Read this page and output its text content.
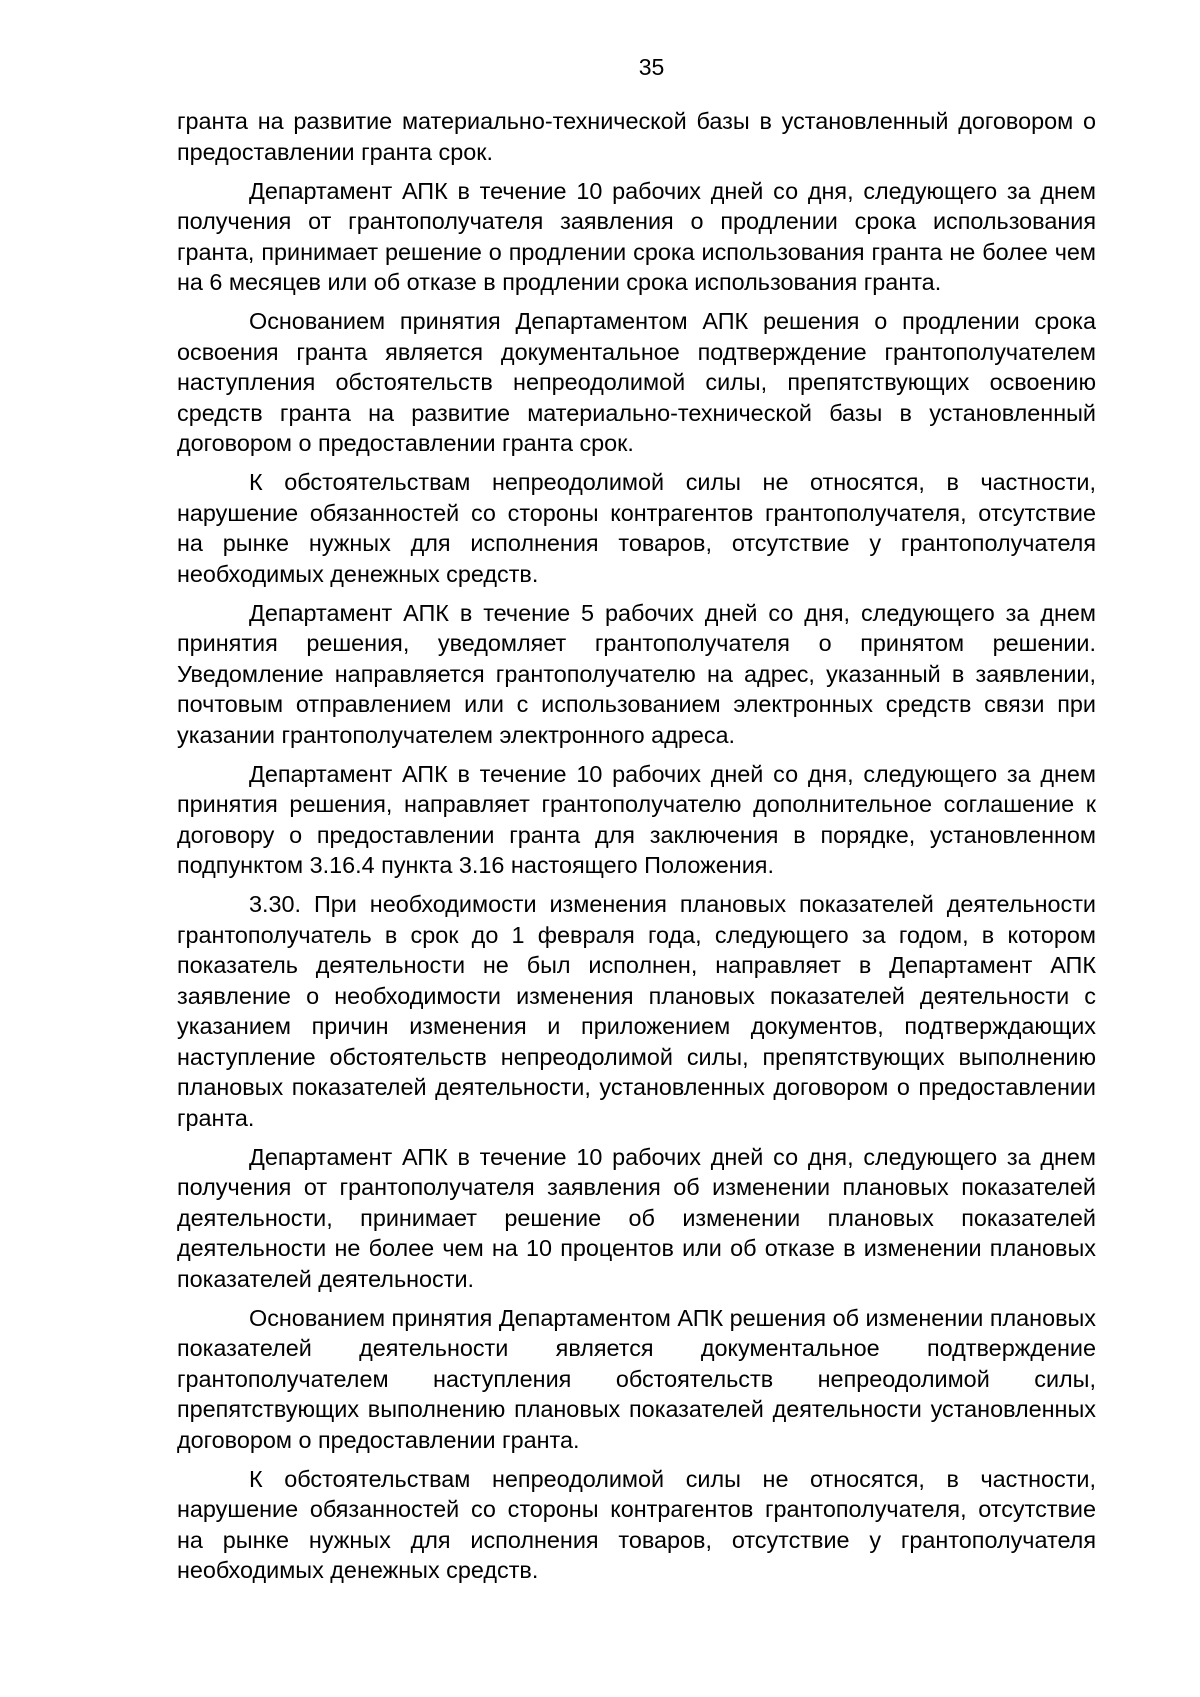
35

гранта на развитие материально-технической базы в установленный договором о предоставлении гранта срок.

Департамент АПК в течение 10 рабочих дней со дня, следующего за днем получения от грантополучателя заявления о продлении срока использования гранта, принимает решение о продлении срока использования гранта не более чем на 6 месяцев или об отказе в продлении срока использования гранта.

Основанием принятия Департаментом АПК решения о продлении срока освоения гранта является документальное подтверждение грантополучателем наступления обстоятельств непреодолимой силы, препятствующих освоению средств гранта на развитие материально-технической базы в установленный договором о предоставлении гранта срок.

К обстоятельствам непреодолимой силы не относятся, в частности, нарушение обязанностей со стороны контрагентов грантополучателя, отсутствие на рынке нужных для исполнения товаров, отсутствие у грантополучателя необходимых денежных средств.

Департамент АПК в течение 5 рабочих дней со дня, следующего за днем принятия решения, уведомляет грантополучателя о принятом решении. Уведомление направляется грантополучателю на адрес, указанный в заявлении, почтовым отправлением или с использованием электронных средств связи при указании грантополучателем электронного адреса.

Департамент АПК в течение 10 рабочих дней со дня, следующего за днем принятия решения, направляет грантополучателю дополнительное соглашение к договору о предоставлении гранта для заключения в порядке, установленном подпунктом 3.16.4 пункта 3.16 настоящего Положения.

3.30. При необходимости изменения плановых показателей деятельности грантополучатель в срок до 1 февраля года, следующего за годом, в котором показатель деятельности не был исполнен, направляет в Департамент АПК заявление о необходимости изменения плановых показателей деятельности с указанием причин изменения и приложением документов, подтверждающих наступление обстоятельств непреодолимой силы, препятствующих выполнению плановых показателей деятельности, установленных договором о предоставлении гранта.

Департамент АПК в течение 10 рабочих дней со дня, следующего за днем получения от грантополучателя заявления об изменении плановых показателей деятельности, принимает решение об изменении плановых показателей деятельности не более чем на 10 процентов или об отказе в изменении плановых показателей деятельности.

Основанием принятия Департаментом АПК решения об изменении плановых показателей деятельности является документальное подтверждение грантополучателем наступления обстоятельств непреодолимой силы, препятствующих выполнению плановых показателей деятельности установленных договором о предоставлении гранта.

К обстоятельствам непреодолимой силы не относятся, в частности, нарушение обязанностей со стороны контрагентов грантополучателя, отсутствие на рынке нужных для исполнения товаров, отсутствие у грантополучателя необходимых денежных средств.
